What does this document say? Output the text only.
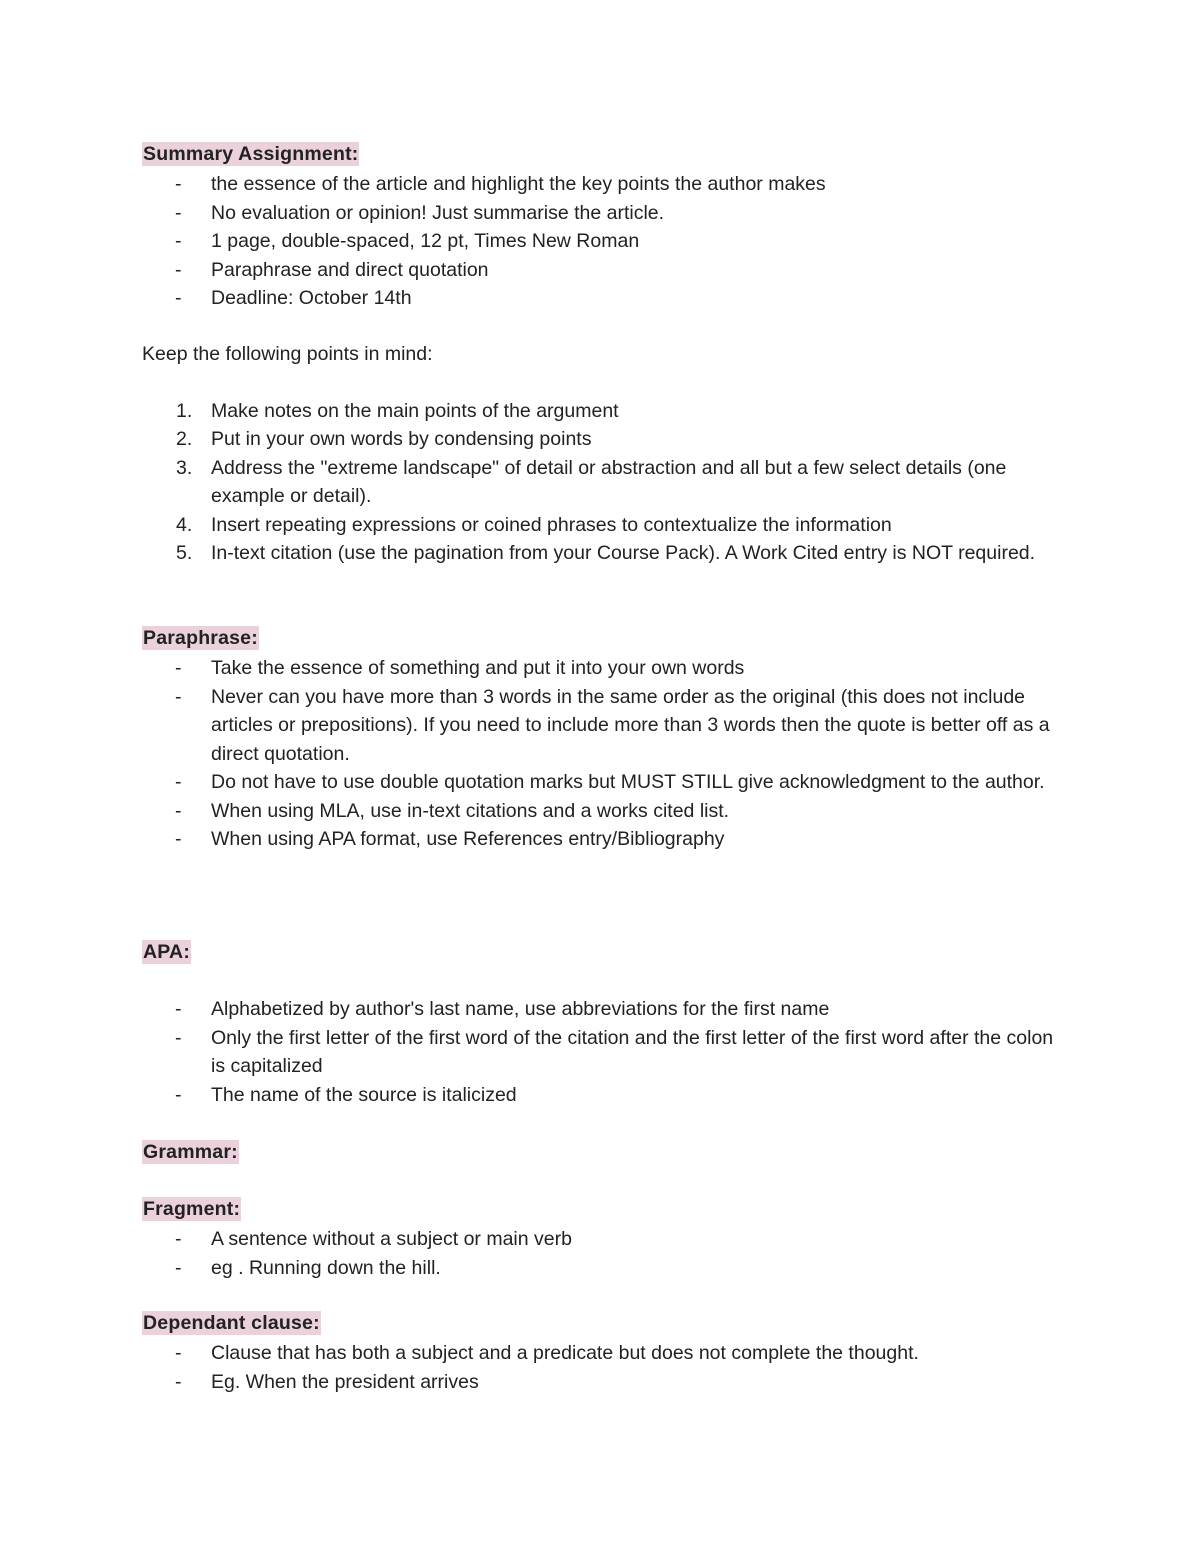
Summary Assignment:
- the essence of the article and highlight the key points the author makes
- No evaluation or opinion! Just summarise the article.
- 1 page, double-spaced, 12 pt, Times New Roman
- Paraphrase and direct quotation
- Deadline: October 14th
Keep the following points in mind:
1. Make notes on the main points of the argument
2. Put in your own words by condensing points
3. Address the "extreme landscape" of detail or abstraction and all but a few select details (one example or detail).
4. Insert repeating expressions or coined phrases to contextualize the information
5. In-text citation (use the pagination from your Course Pack). A Work Cited entry is NOT required.
Paraphrase:
- Take the essence of something and put it into your own words
- Never can you have more than 3 words in the same order as the original (this does not include articles or prepositions). If you need to include more than 3 words then the quote is better off as a direct quotation.
- Do not have to use double quotation marks but MUST STILL give acknowledgment to the author.
- When using MLA, use in-text citations and a works cited list.
- When using APA format, use References entry/Bibliography
APA:
- Alphabetized by author's last name, use abbreviations for the first name
- Only the first letter of the first word of the citation and the first letter of the first word after the colon is capitalized
- The name of the source is italicized
Grammar:
Fragment:
- A sentence without a subject or main verb
- eg . Running down the hill.
Dependant clause:
- Clause that has both a subject and a predicate but does not complete the thought.
- Eg. When the president arrives
